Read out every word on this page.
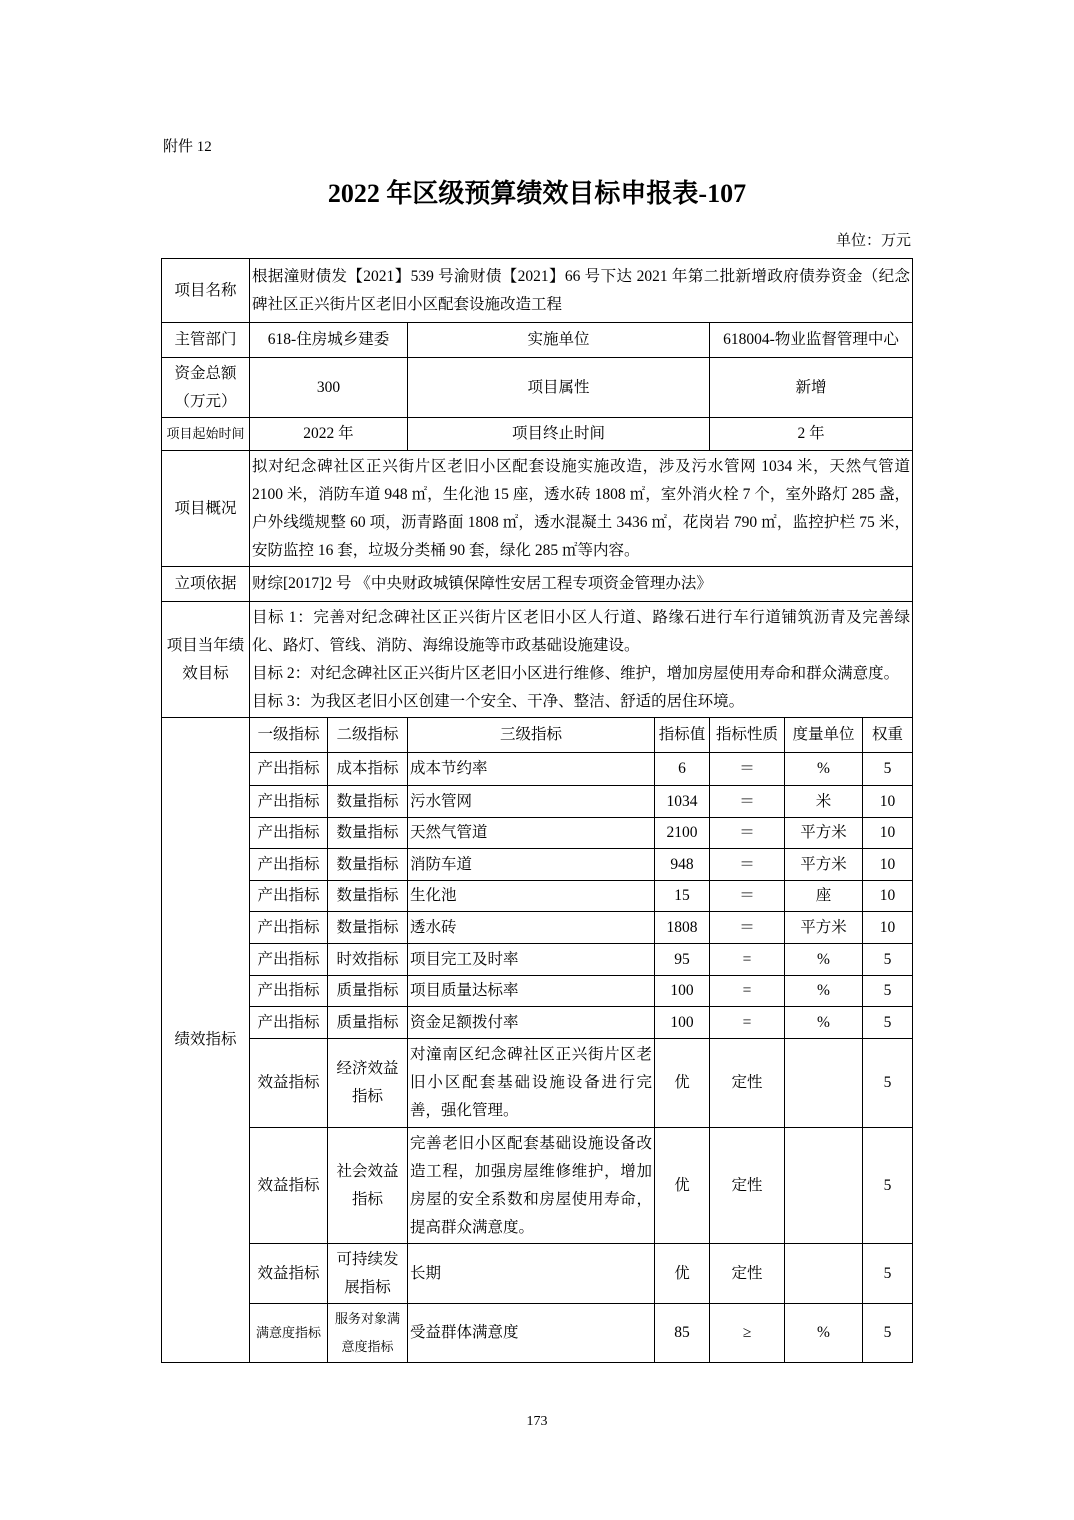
附件 12
2022 年区级预算绩效目标申报表-107
单位：万元
项目名称	根据潼财债发【2021】539 号渝财债【2021】66 号下达 2021 年第二批新增政府债券资金（纪念碑社区正兴街片区老旧小区配套设施改造工程						
主管部门	618-住房城乡建委		实施单位		618004-物业监督管理中心		

资金总额
（万元）	300		项目属性		新增		
项目起始时间	2022 年		项目终止时间		2 年		
项目概况	拟对纪念碑社区正兴街片区老旧小区配套设施实施改造，涉及污水管网 1034 米，天然气管道 2100 米，消防车道 948 ㎡，生化池 15 座，透水砖 1808 ㎡，室外消火栓 7 个，室外路灯 285 盏，户外线缆规整 60 项，沥青路面 1808 ㎡，透水混凝土 3436 ㎡，花岗岩 790 ㎡，监控护栏 75 米，安防监控 16 套，垃圾分类桶 90 套，绿化 285 ㎡等内容。						
立项依据	财综[2017]2 号 《中央财政城镇保障性安居工程专项资金管理办法》						
项目当年绩效目标	目标 1：完善对纪念碑社区正兴街片区老旧小区人行道、路缘石进行车行道铺筑沥青及完善绿化、路灯、管线、消防、海绵设施等市政基础设施建设。
目标 2：对纪念碑社区正兴街片区老旧小区进行维修、维护，增加房屋使用寿命和群众满意度。
目标 3：为我区老旧小区创建一个安全、干净、整洁、舒适的居住环境。						

绩效指标	一级指标	二级指标	三级指标	指标值	指标性质	度量单位	权重
	产出指标	成本指标	成本节约率	6	＝	%	5
	产出指标	数量指标	污水管网	1034	＝	米	10
	产出指标	数量指标	天然气管道	2100	＝	平方米	10
	产出指标	数量指标	消防车道	948	＝	平方米	10
	产出指标	数量指标	生化池	15	＝	座	10
	产出指标	数量指标	透水砖	1808	＝	平方米	10
	产出指标	时效指标	项目完工及时率	95	=	%	5
	产出指标	质量指标	项目质量达标率	100	=	%	5
	产出指标	质量指标	资金足额拨付率	100	=	%	5
	效益指标	经济效益指标	对潼南区纪念碑社区正兴街片区老旧小区配套基础设施设备进行完善，强化管理。	优	定性		5
	效益指标	社会效益指标	完善老旧小区配套基础设施设备改造工程，加强房屋维修维护，增加房屋的安全系数和房屋使用寿命，提高群众满意度。	优	定性		5
	效益指标	可持续发展指标	长期	优	定性		5
	满意度指标	服务对象满意度指标	受益群体满意度	85	≥	%	5
173
